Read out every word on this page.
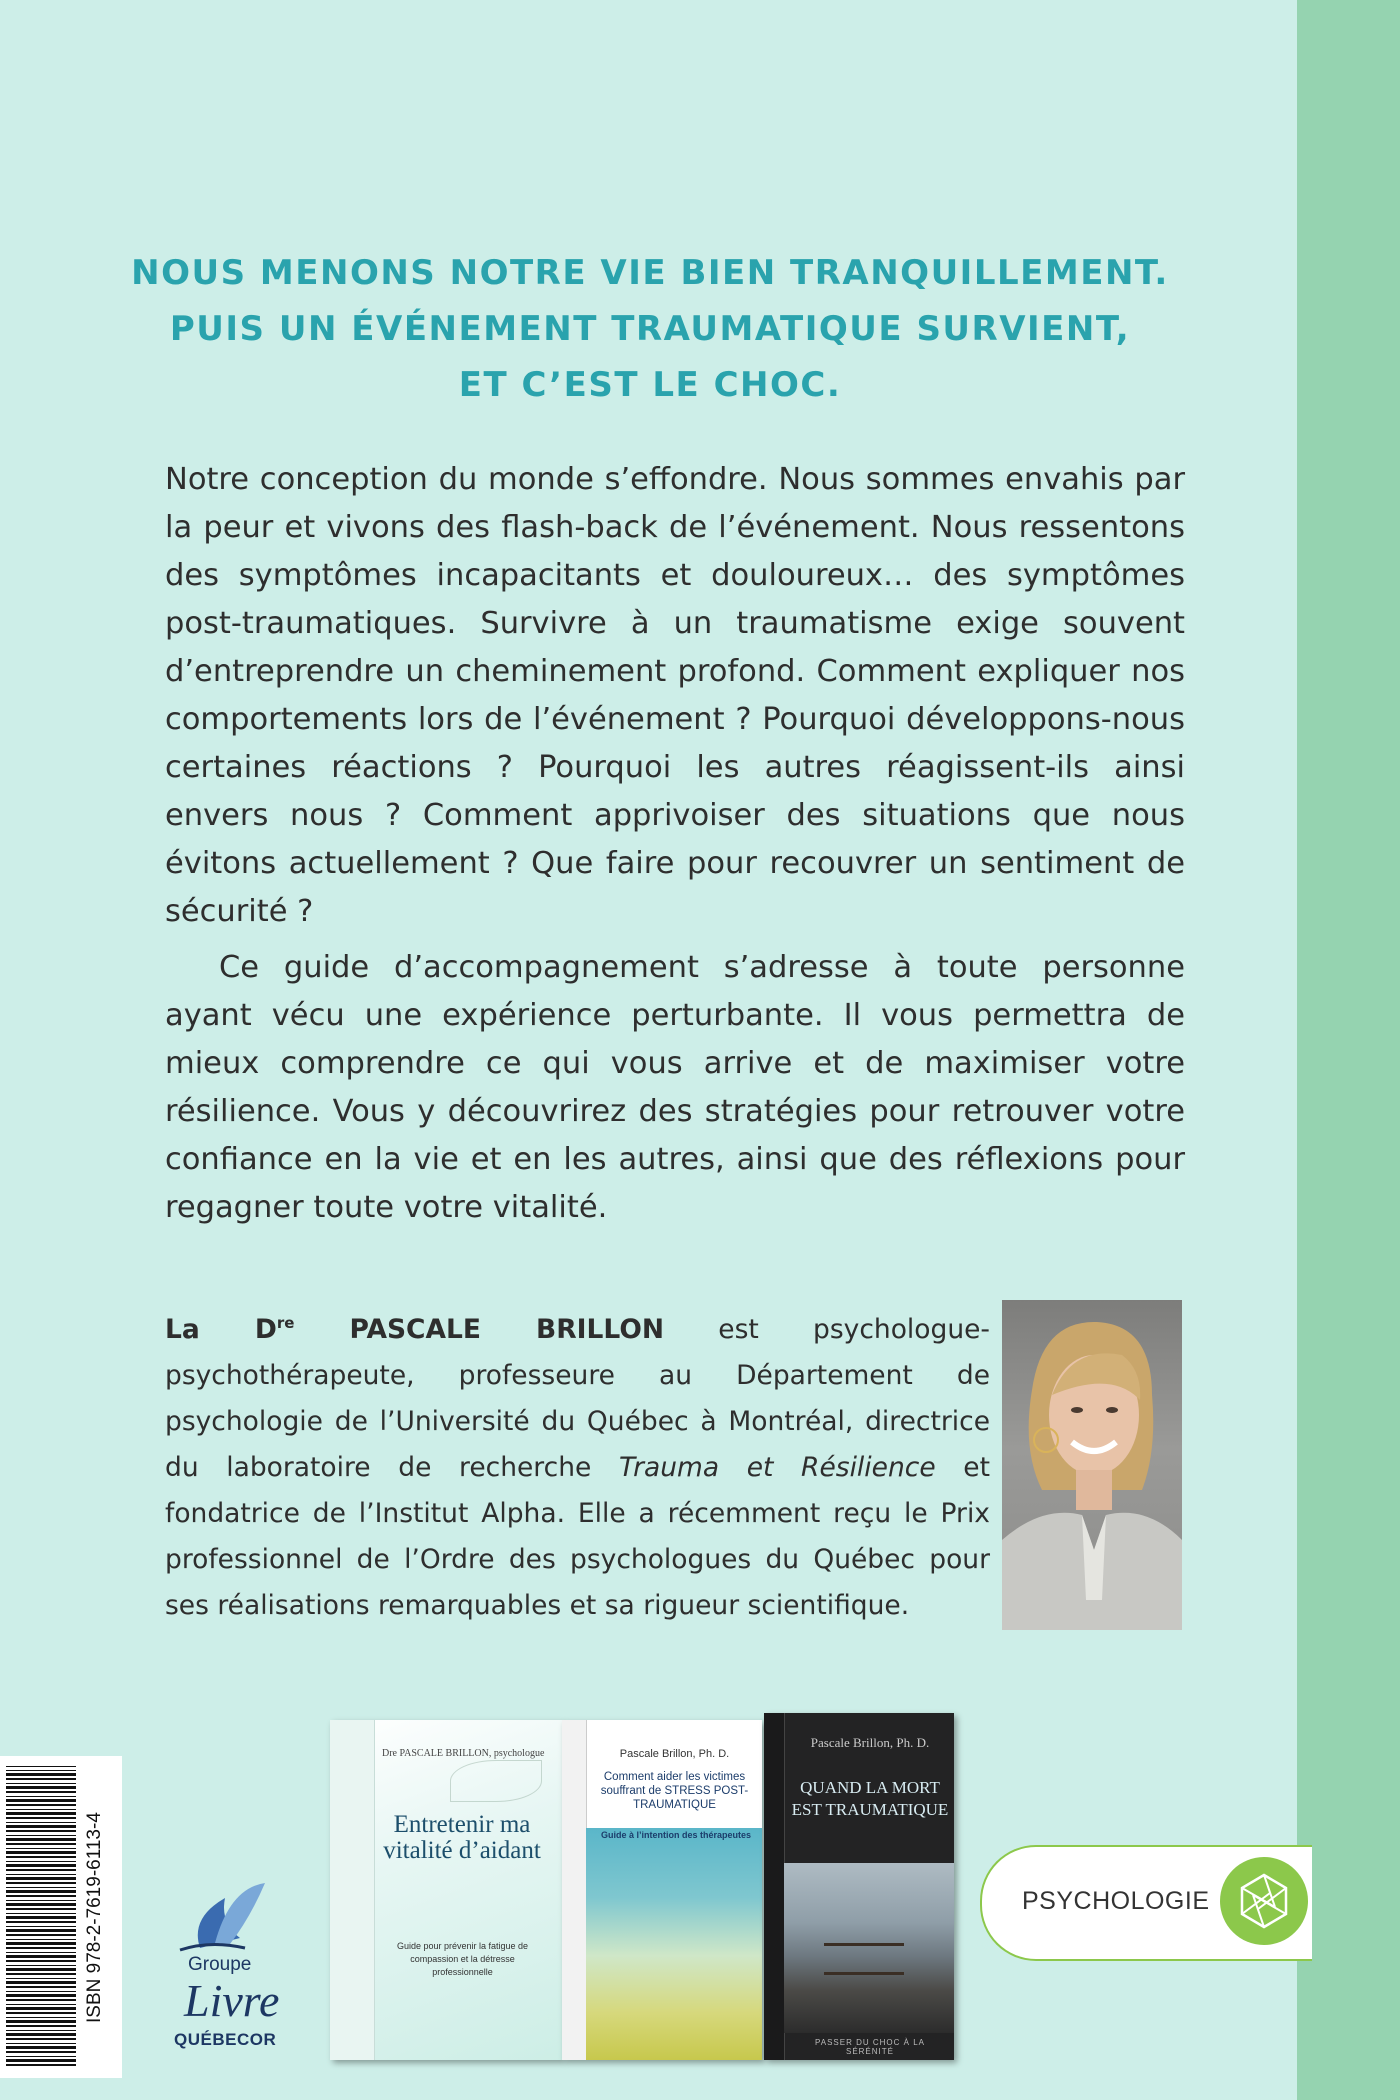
NOUS MENONS NOTRE VIE BIEN TRANQUILLEMENT.
PUIS UN ÉVÉNEMENT TRAUMATIQUE SURVIENT,
ET C’EST LE CHOC.

Notre conception du monde s’effondre. Nous sommes envahis par la peur et vivons des flash-back de l’événement. Nous ressentons des symptômes incapacitants et douloureux… des symptômes post-traumatiques. Survivre à un traumatisme exige souvent d’entreprendre un cheminement profond. Comment expliquer nos comportements lors de l’événement ? Pourquoi développons-nous certaines réactions ? Pourquoi les autres réagissent-ils ainsi envers nous ? Comment apprivoiser des situations que nous évitons actuellement ? Que faire pour recouvrer un sentiment de sécurité ?

Ce guide d’accompagnement s’adresse à toute personne ayant vécu une expérience perturbante. Il vous permettra de mieux comprendre ce qui vous arrive et de maximiser votre résilience. Vous y découvrirez des stratégies pour retrouver votre confiance en la vie et en les autres, ainsi que des réflexions pour regagner toute votre vitalité.

La Dre PASCALE BRILLON est psychologue-psychothérapeute, professeure au Département de psychologie de l’Université du Québec à Montréal, directrice du laboratoire de recherche Trauma et Résilience et fondatrice de l’Institut Alpha. Elle a récemment reçu le Prix professionnel de l’Ordre des psychologues du Québec pour ses réalisations remarquables et sa rigueur scientifique.
ISBN 978-2-7619-6113-4	Groupe
Livre
QUÉBECOR
Dre PASCALE BRILLON, psychologue
Entretenir ma vitalité d’aidant
Guide pour prévenir la fatigue de compassion et la détresse professionnelle
Pascale Brillon, Ph. D.
Comment aider les victimes souffrant de STRESS POST-TRAUMATIQUE
Guide à l’intention des thérapeutes
Pascale Brillon, Ph. D.
QUAND LA MORT EST TRAUMATIQUE
PASSER DU CHOC À LA SÉRÉNITÉ
PSYCHOLOGIE
